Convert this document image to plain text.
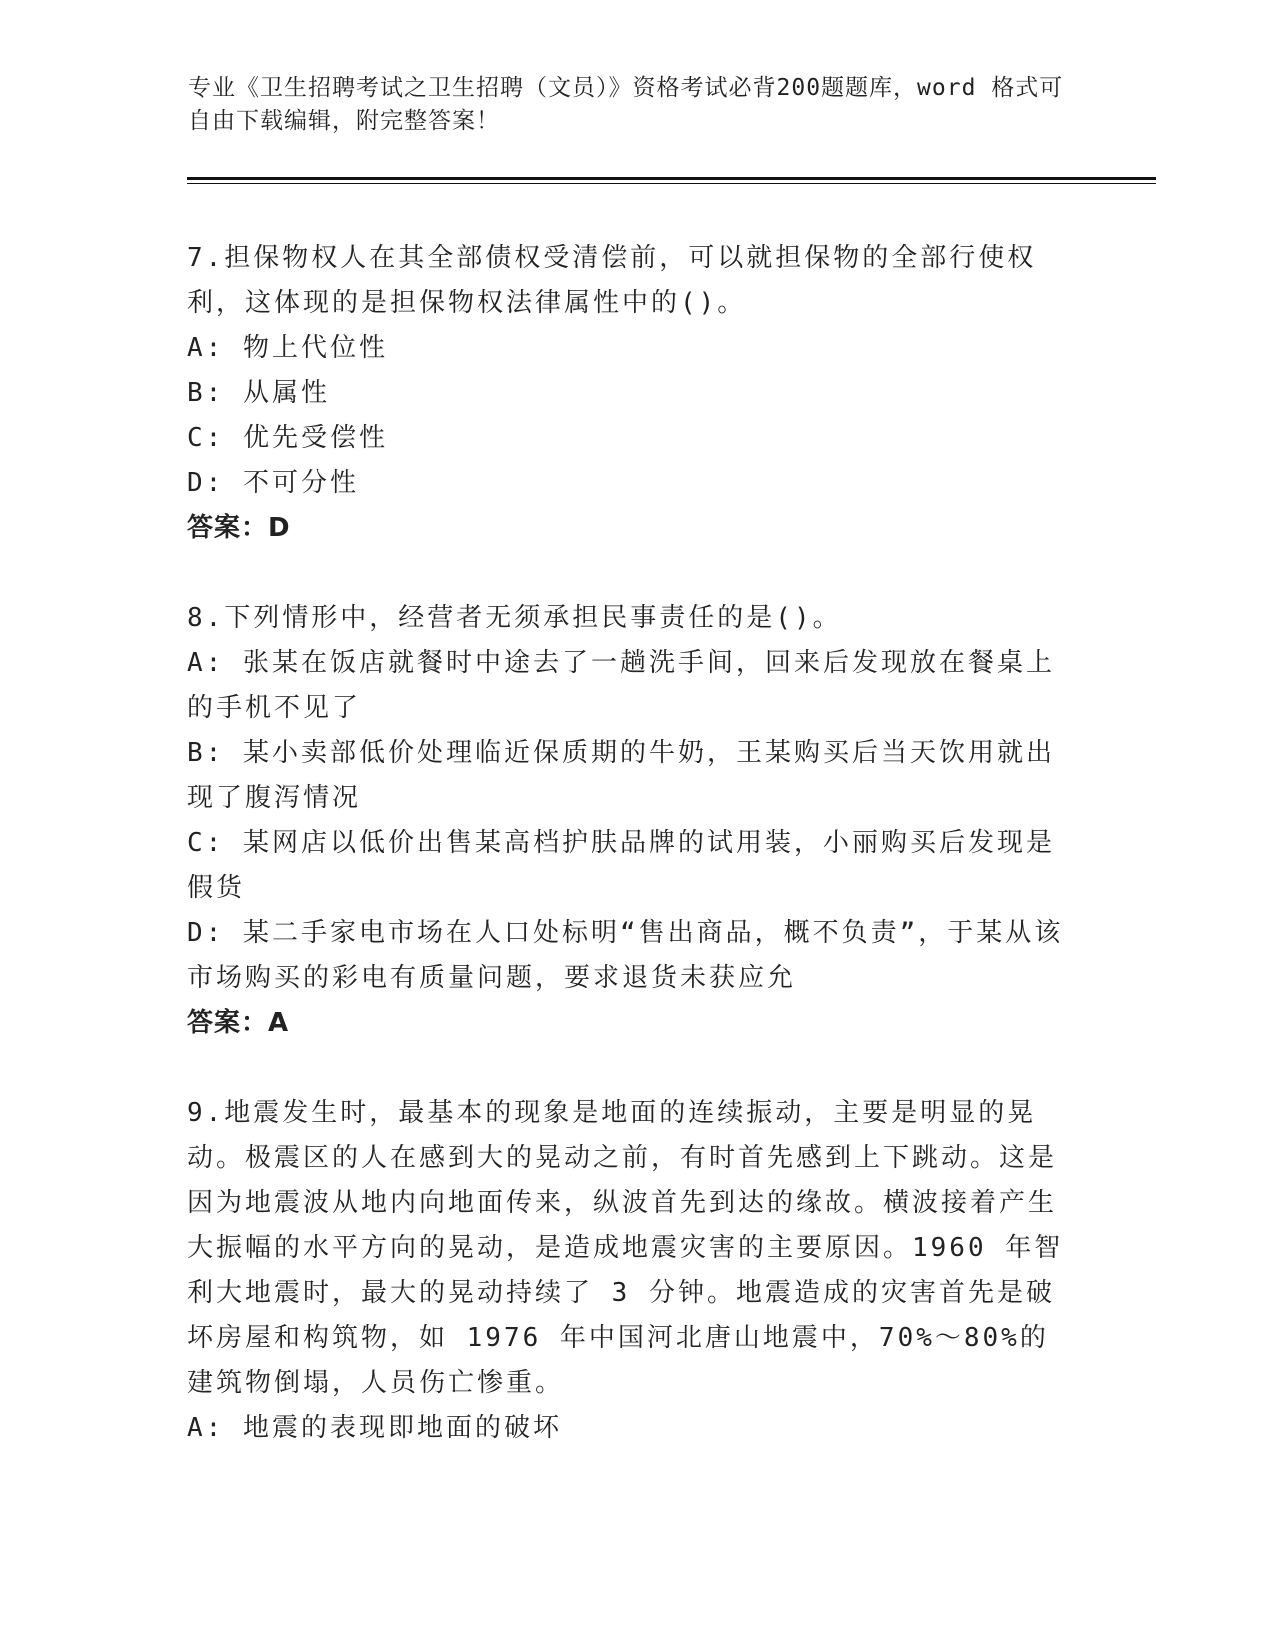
专业《卫生招聘考试之卫生招聘（文员）》资格考试必背200题题库，word 格式可自由下载编辑，附完整答案！

7.担保物权人在其全部债权受清偿前，可以就担保物的全部行使权利，这体现的是担保物权法律属性中的()。

A: 物上代位性

B: 从属性

C: 优先受偿性

D: 不可分性

答案：D

8.下列情形中，经营者无须承担民事责任的是()。

A: 张某在饭店就餐时中途去了一趟洗手间，回来后发现放在餐桌上的手机不见了

B: 某小卖部低价处理临近保质期的牛奶，王某购买后当天饮用就出现了腹泻情况

C: 某网店以低价出售某高档护肤品牌的试用装，小丽购买后发现是假货

D: 某二手家电市场在人口处标明“售出商品，概不负责”，于某从该市场购买的彩电有质量问题，要求退货未获应允

答案：A

9.地震发生时，最基本的现象是地面的连续振动，主要是明显的晃动。极震区的人在感到大的晃动之前，有时首先感到上下跳动。这是因为地震波从地内向地面传来，纵波首先到达的缘故。横波接着产生大振幅的水平方向的晃动，是造成地震灾害的主要原因。1960 年智利大地震时，最大的晃动持续了 3 分钟。地震造成的灾害首先是破坏房屋和构筑物，如 1976 年中国河北唐山地震中，70%～80%的建筑物倒塌，人员伤亡惨重。

A: 地震的表现即地面的破坏
